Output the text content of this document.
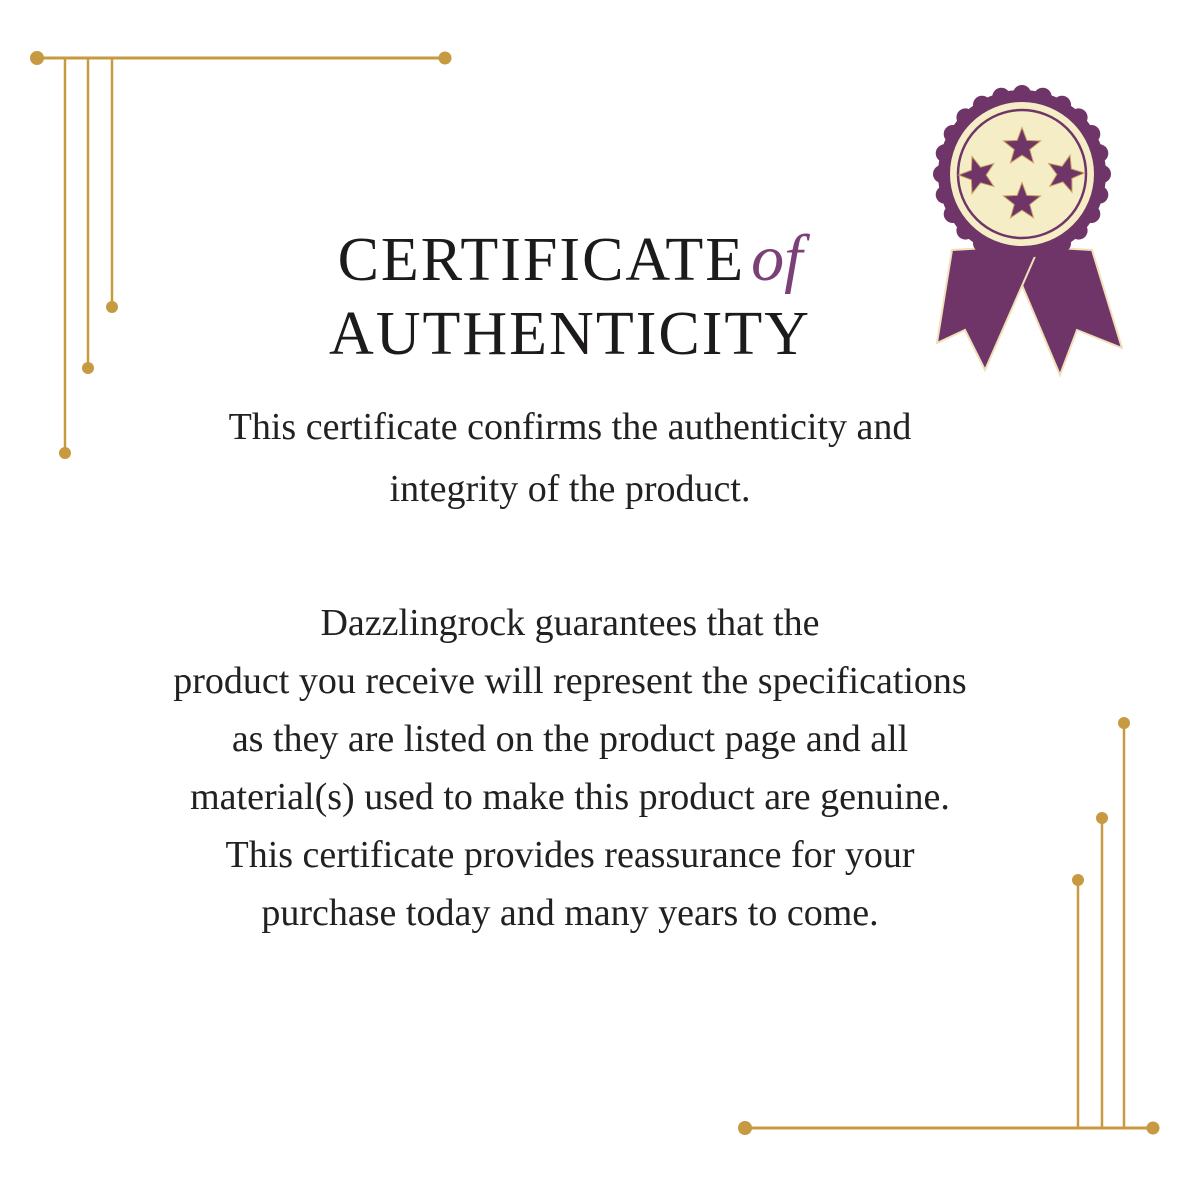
CERTIFICATEof
AUTHENTICITY

This certificate confirms the authenticity and
integrity of the product.

Dazzlingrock guarantees that the
product you receive will represent the specifications
as they are listed on the product page and all
material(s) used to make this product are genuine.
This certificate provides reassurance for your
purchase today and many years to come.
